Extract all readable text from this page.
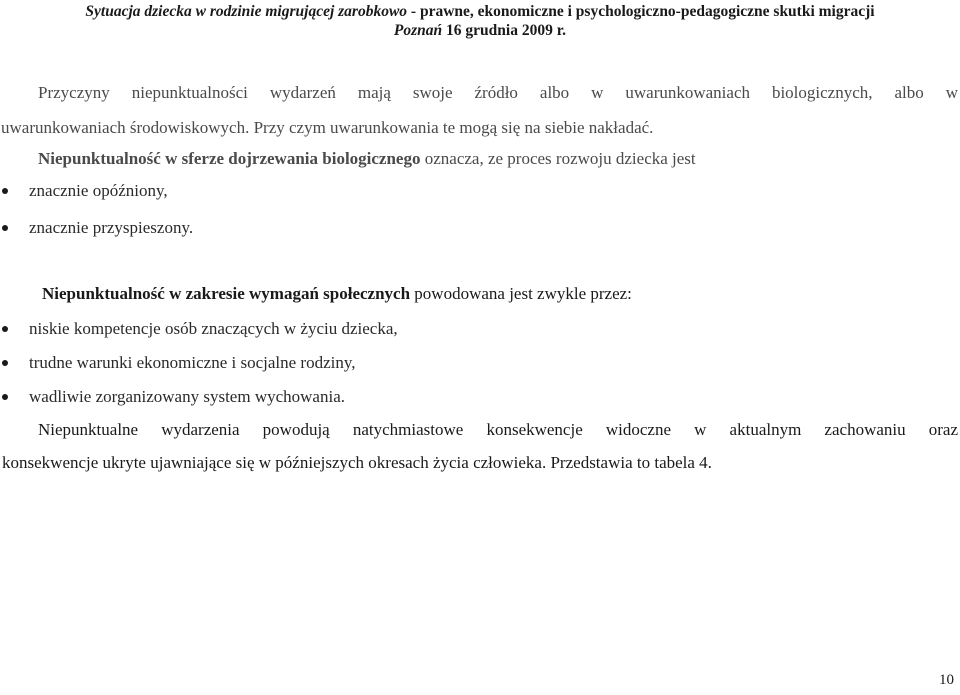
Sytuacja dziecka w rodzinie migrującej zarobkowo - prawne, ekonomiczne i psychologiczno-pedagogiczne skutki migracji
Poznań 16 grudnia 2009 r.
Przyczyny niepunktualności wydarzeń mają swoje źródło albo w uwarunkowaniach biologicznych, albo w
uwarunkowaniach środowiskowych. Przy czym uwarunkowania te mogą się na siebie nakładać.
Niepunktualność w sferze dojrzewania biologicznego oznacza, ze proces rozwoju dziecka jest
znacznie opóźniony,
znacznie przyspieszony.
Niepunktualność w zakresie wymagań społecznych powodowana jest zwykle przez:
niskie kompetencje osób znaczących w życiu dziecka,
trudne warunki ekonomiczne i socjalne rodziny,
wadliwie zorganizowany system wychowania.
Niepunktualne wydarzenia powodują natychmiastowe konsekwencje widoczne w aktualnym zachowaniu oraz
konsekwencje ukryte ujawniające się w późniejszych okresach życia człowieka. Przedstawia to tabela 4.
10
